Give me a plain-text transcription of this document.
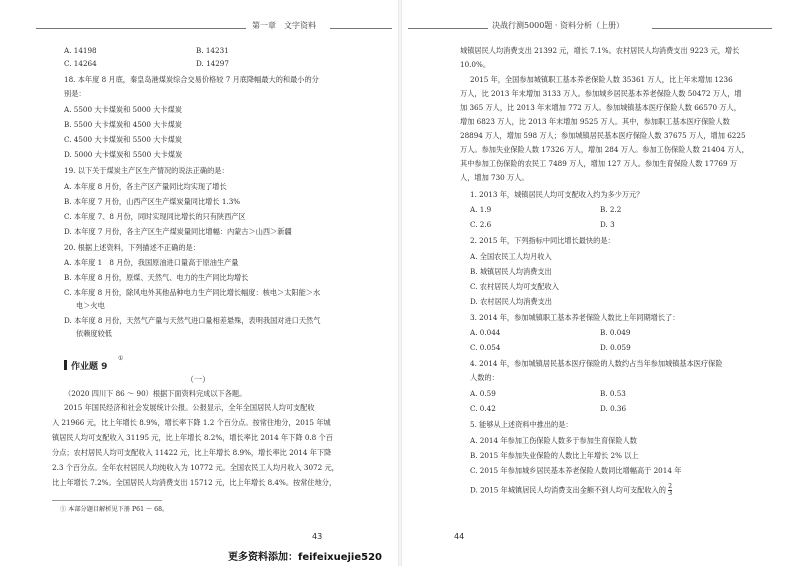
第一章　文字资料
A. 14198	B. 14231
C. 14264	D. 14297
18. 本年度 8 月底，秦皇岛港煤炭综合交易价格较 7 月底降幅最大的和最小的分
别是：
A. 5500 大卡煤炭和 5000 大卡煤炭
B. 5500 大卡煤炭和 4500 大卡煤炭
C. 4500 大卡煤炭和 5500 大卡煤炭
D. 5000 大卡煤炭和 5500 大卡煤炭
19. 以下关于煤炭主产区生产情况的说法正确的是：
A. 本年度 8 月份，各主产区产量同比均实现了增长
B. 本年度 7 月份，山西产区生产煤炭量同比增长 1.3%
C. 本年度 7、8 月份，同时实现同比增长的只有陕西产区
D. 本年度 7 月份，各主产区生产煤炭量同比增幅：内蒙古＞山西＞新疆
20. 根据上述资料，下列描述不正确的是：
A. 本年度 1　8 月份，我国原油进口量高于原油生产量
B. 本年度 8 月份，原煤、天然气、电力的生产同比均增长
C. 本年度 8 月份，除风电外其他品种电力生产同比增长幅度：核电＞太阳能＞水
电＞火电
D. 本年度 8 月份，天然气产量与天然气进口量相差悬殊，表明我国对进口天然气
依赖度较低
作业题 9
①
（一）
（2020 四川下 86 ～ 90）根据下面资料完成以下各题。
2015 年国民经济和社会发展统计公报。公报显示，全年全国居民人均可支配收
入 21966 元，比上年增长 8.9%，增长率下降 1.2 个百分点。按常住地分，2015 年城
镇居民人均可支配收入 31195 元，比上年增长 8.2%，增长率比 2014 年下降 0.8 个百
分点；农村居民人均可支配收入 11422 元，比上年增长 8.9%，增长率比 2014 年下降
2.3 个百分点。全年农村居民人均纯收入为 10772 元。全国农民工人均月收入 3072 元，
比上年增长 7.2%。全国居民人均消费支出 15712 元，比上年增长 8.4%。按常住地分，
① 本部分题目解析见下册 P61 ～ 68。
43
决战行测5000题 · 资料分析（上册）
城镇居民人均消费支出 21392 元，增长 7.1%。农村居民人均消费支出 9223 元，增长
10.0%。
2015 年，全国参加城镇职工基本养老保险人数 35361 万人，比上年末增加 1236
万人，比 2013 年末增加 3133 万人。参加城乡居民基本养老保险人数 50472 万人，增
加 365 万人，比 2013 年末增加 772 万人。参加城镇基本医疗保险人数 66570 万人，
增加 6823 万人，比 2013 年末增加 9525 万人。其中，参加职工基本医疗保险人数
28894 万人，增加 598 万人；参加城镇居民基本医疗保险人数 37675 万人，增加 6225
万人。参加失业保险人数 17326 万人，增加 284 万人。参加工伤保险人数 21404 万人，
其中参加工伤保险的农民工 7489 万人，增加 127 万人。参加生育保险人数 17769 万
人，增加 730 万人。
1. 2013 年，城镇居民人均可支配收入约为多少万元？
A. 1.9	B. 2.2
C. 2.6	D. 3
2. 2015 年，下列指标中同比增长最快的是：
A. 全国农民工人均月收入
B. 城镇居民人均消费支出
C. 农村居民人均可支配收入
D. 农村居民人均消费支出
3. 2014 年，参加城镇职工基本养老保险人数比上年同期增长了：
A. 0.044	B. 0.049
C. 0.054	D. 0.059
4. 2014 年，参加城镇居民基本医疗保险的人数约占当年参加城镇基本医疗保险
人数的：
A. 0.59	B. 0.53
C. 0.42	D. 0.36
5. 能够从上述资料中推出的是：
A. 2014 年参加工伤保险人数多于参加生育保险人数
B. 2015 年参加失业保险的人数比上年增长 2% 以上
C. 2015 年参加城乡居民基本养老保险人数同比增幅高于 2014 年
D. 2015 年城镇居民人均消费支出金额不到人均可支配收入的 $\frac{2}{3}$
44
更多资料添加：feifeixuejie520
